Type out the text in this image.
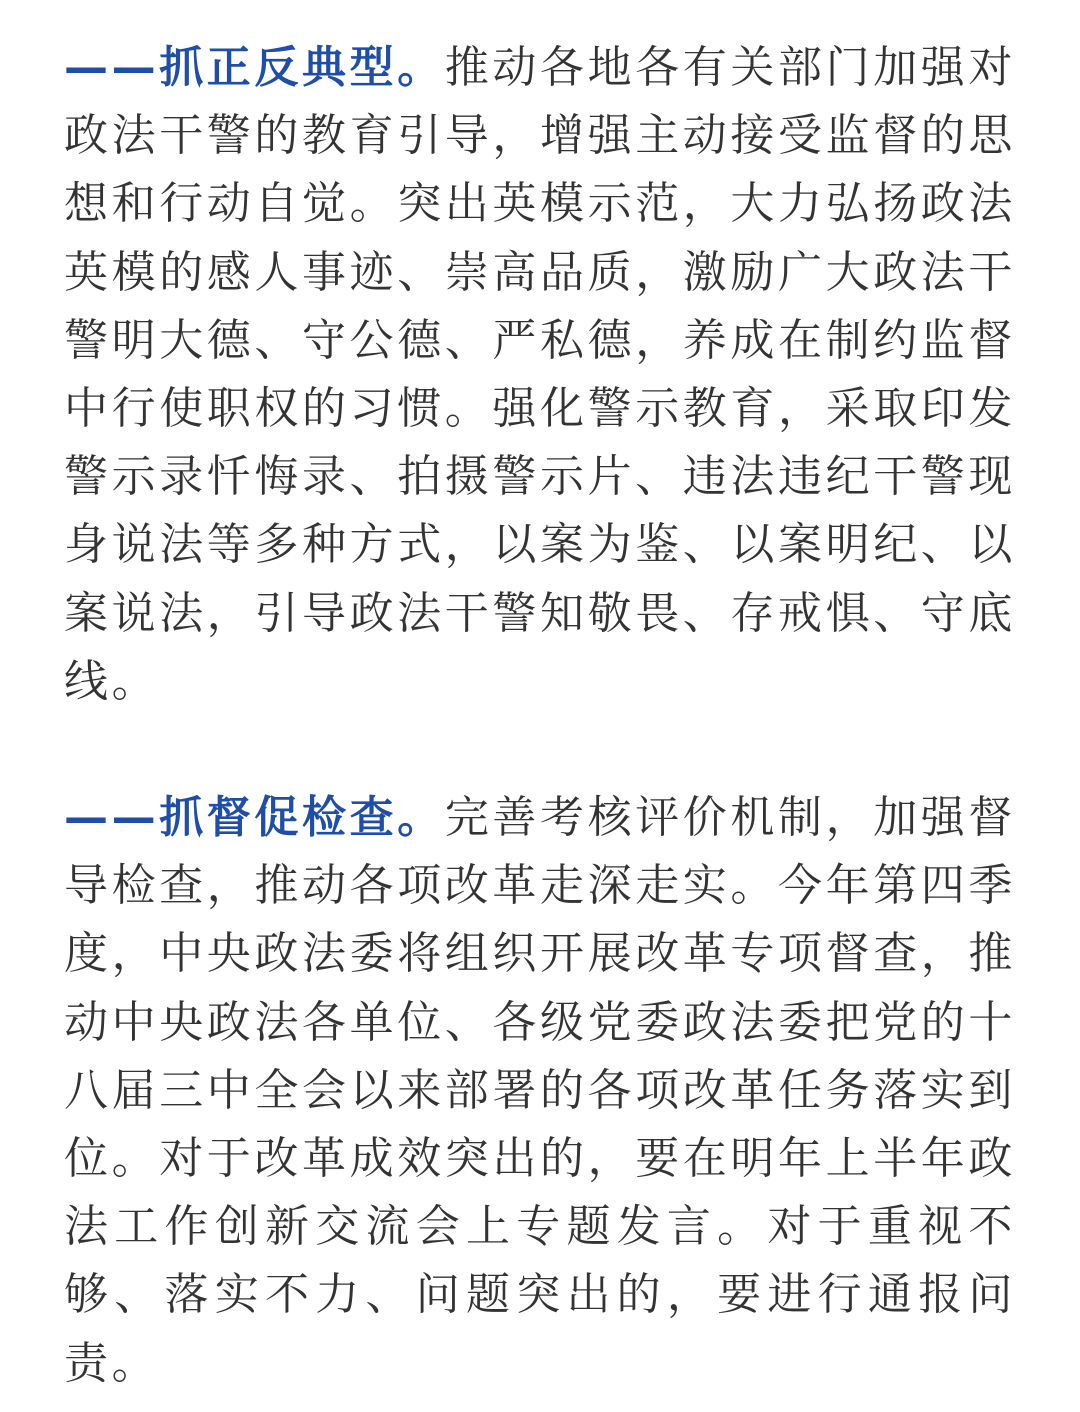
——抓正反典型。推动各地各有关部门加强对政法干警的教育引导，增强主动接受监督的思想和行动自觉。突出英模示范，大力弘扬政法英模的感人事迹、崇高品质，激励广大政法干警明大德、守公德、严私德，养成在制约监督中行使职权的习惯。强化警示教育，采取印发警示录忏悔录、拍摄警示片、违法违纪干警现身说法等多种方式，以案为鉴、以案明纪、以案说法，引导政法干警知敬畏、存戒惧、守底线。

——抓督促检查。完善考核评价机制，加强督导检查，推动各项改革走深走实。今年第四季度，中央政法委将组织开展改革专项督查，推动中央政法各单位、各级党委政法委把党的十八届三中全会以来部署的各项改革任务落实到位。对于改革成效突出的，要在明年上半年政法工作创新交流会上专题发言。对于重视不够、落实不力、问题突出的，要进行通报问责。
